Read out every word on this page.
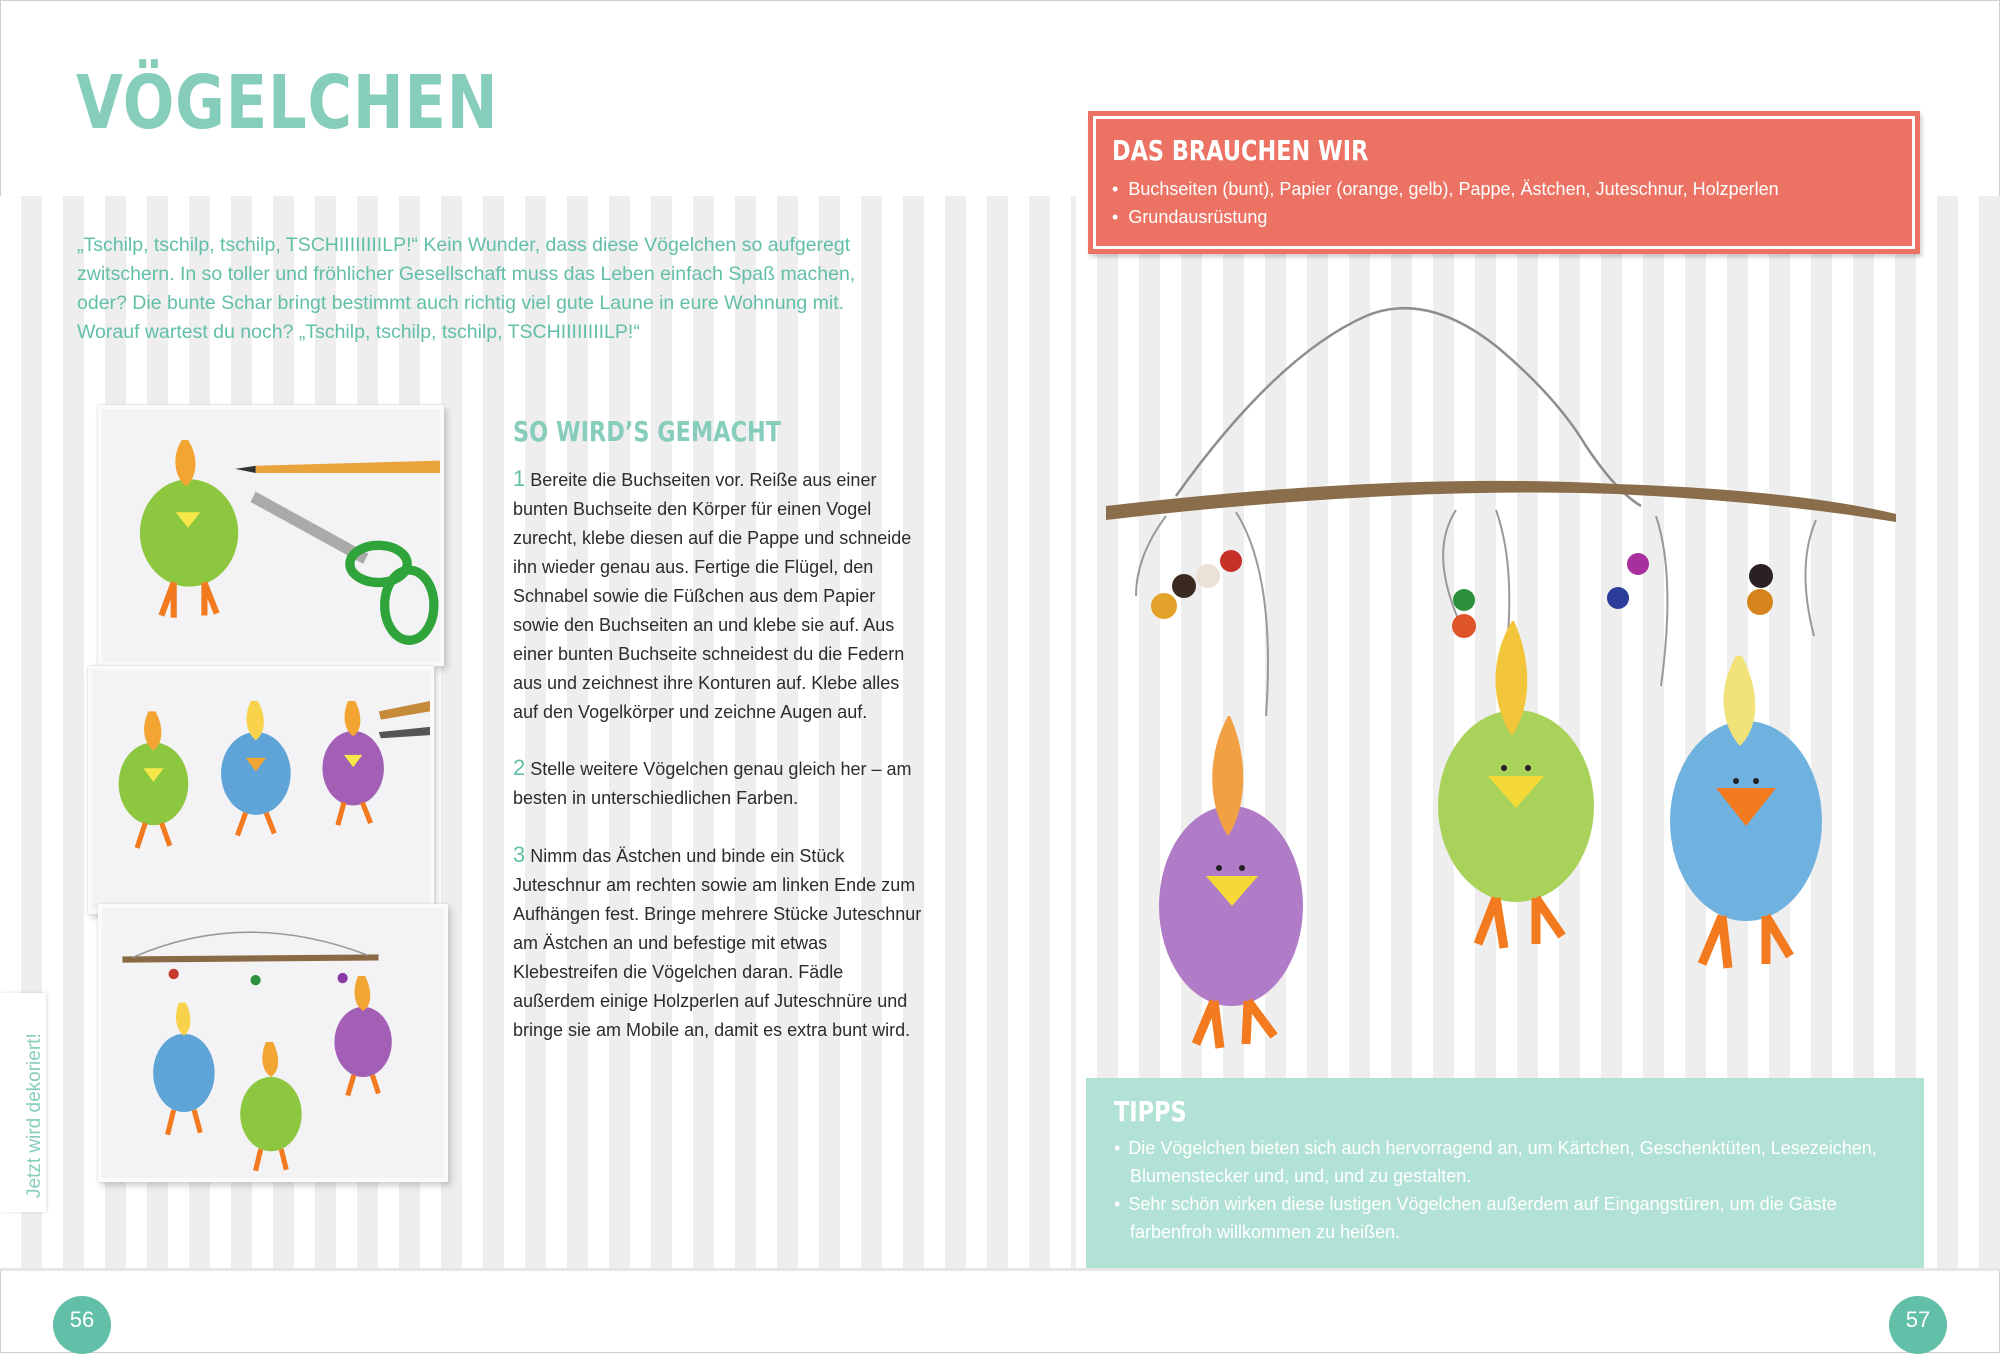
VÖGELCHEN
„Tschilp, tschilp, tschilp, TSCHIIIIIIIILP!“ Kein Wunder, dass diese Vögelchen so aufgeregt zwitschern. In so toller und fröhlicher Gesellschaft muss das Leben einfach Spaß machen, oder? Die bunte Schar bringt bestimmt auch richtig viel gute Laune in eure Wohnung mit. Worauf wartest du noch? „Tschilp, tschilp, tschilp, TSCHIIIIIIIILP!“
SO WIRD’S GEMACHT
1 Bereite die Buchseiten vor. Reiße aus einer bunten Buchseite den Körper für einen Vogel zurecht, klebe diesen auf die Pappe und schneide ihn wieder genau aus. Fertige die Flügel, den Schnabel sowie die Füßchen aus dem Papier sowie den Buchseiten an und klebe sie auf. Aus einer bunten Buchseite schneidest du die Federn aus und zeichnest ihre Konturen auf. Klebe alles auf den Vogelkörper und zeichne Augen auf.
2 Stelle weitere Vögelchen genau gleich her – am besten in unterschiedlichen Farben.
3 Nimm das Ästchen und binde ein Stück Juteschnur am rechten sowie am linken Ende zum Aufhängen fest. Bringe mehrere Stücke Juteschnur am Ästchen an und befestige mit etwas Klebestreifen die Vögelchen daran. Fädle außerdem einige Holzperlen auf Juteschnüre und bringe sie am Mobile an, damit es extra bunt wird.
Jetzt wird dekoriert!
56
DAS BRAUCHEN WIR
• Buchseiten (bunt), Papier (orange, gelb), Pappe, Ästchen, Juteschnur, Holzperlen
• Grundausrüstung
TIPPS
• Die Vögelchen bieten sich auch hervorragend an, um Kärtchen, Geschenktüten, Lesezeichen, Blumenstecker und, und, und zu gestalten.
• Sehr schön wirken diese lustigen Vögelchen außerdem auf Eingangstüren, um die Gäste farbenfroh willkommen zu heißen.
57
